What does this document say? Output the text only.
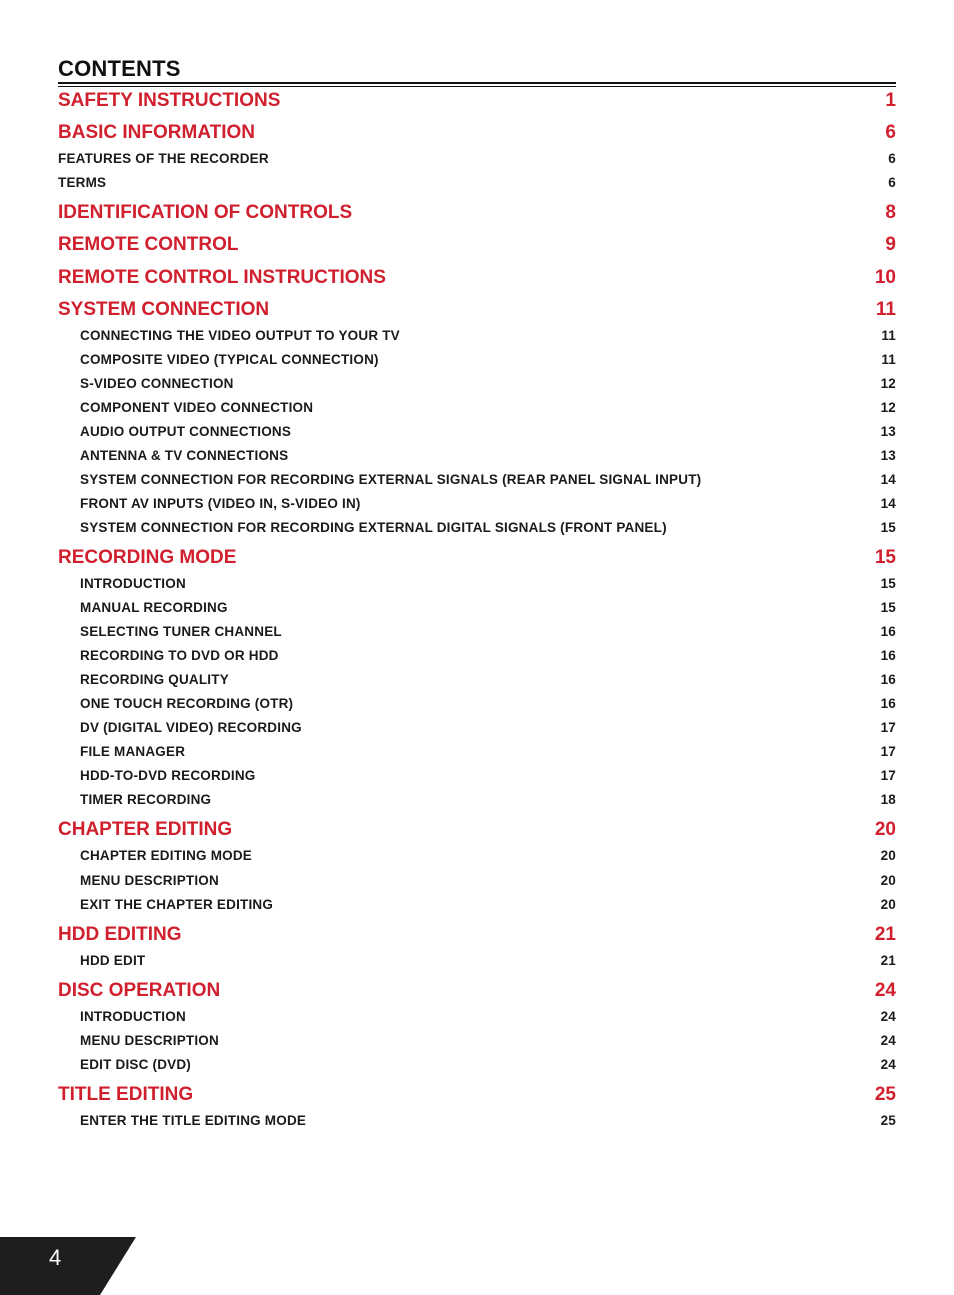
CONTENTS
SAFETY INSTRUCTIONS	1
BASIC INFORMATION	6
FEATURES OF THE RECORDER	6
TERMS	6
IDENTIFICATION OF CONTROLS	8
REMOTE CONTROL	9
REMOTE CONTROL INSTRUCTIONS	10
SYSTEM CONNECTION	11
CONNECTING THE VIDEO OUTPUT TO YOUR TV	11
COMPOSITE VIDEO (TYPICAL CONNECTION)	11
S-VIDEO CONNECTION	12
COMPONENT VIDEO CONNECTION	12
AUDIO OUTPUT CONNECTIONS	13
ANTENNA & TV CONNECTIONS	13
SYSTEM CONNECTION FOR RECORDING EXTERNAL SIGNALS (REAR PANEL SIGNAL INPUT)	14
FRONT AV INPUTS (VIDEO IN, S-VIDEO IN)	14
SYSTEM CONNECTION FOR RECORDING EXTERNAL DIGITAL SIGNALS (FRONT PANEL)	15
RECORDING MODE	15
INTRODUCTION	15
MANUAL RECORDING	15
SELECTING TUNER CHANNEL	16
RECORDING TO DVD OR HDD	16
RECORDING QUALITY	16
ONE TOUCH RECORDING (OTR)	16
DV (DIGITAL VIDEO) RECORDING	17
FILE MANAGER	17
HDD-TO-DVD RECORDING	17
TIMER RECORDING	18
CHAPTER EDITING	20
CHAPTER EDITING MODE	20
MENU DESCRIPTION	20
EXIT THE CHAPTER EDITING	20
HDD EDITING	21
HDD EDIT	21
DISC OPERATION	24
INTRODUCTION	24
MENU DESCRIPTION	24
EDIT DISC (DVD)	24
TITLE EDITING	25
ENTER THE TITLE EDITING MODE	25
4
